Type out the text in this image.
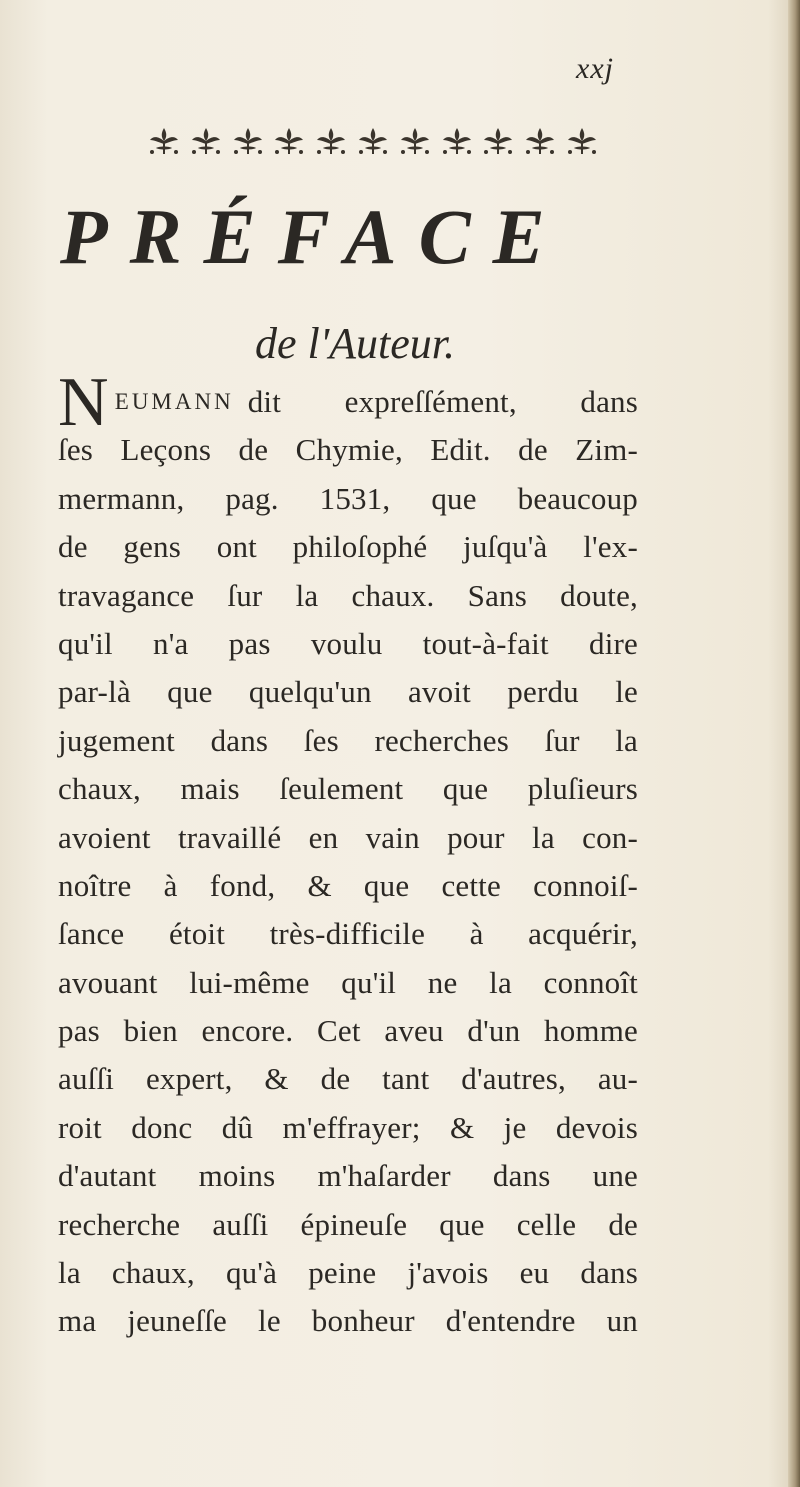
xxj
PRÉFACE
de l'Auteur.
N EUMANN dit expreſſément, dans
ſes Leçons de Chymie, Edit. de Zim-
mermann, pag. 1531, que beaucoup
de gens ont philoſophé juſqu'à l'ex-
travagance ſur la chaux. Sans doute,
qu'il n'a pas voulu tout-à-fait dire
par-là que quelqu'un avoit perdu le
jugement dans ſes recherches ſur la
chaux, mais ſeulement que pluſieurs
avoient travaillé en vain pour la con-
noître à fond, & que cette connoiſ-
ſance étoit très-difficile à acquérir,
avouant lui-même qu'il ne la connoît
pas bien encore. Cet aveu d'un homme
auſſi expert, & de tant d'autres, au-
roit donc dû m'effrayer; & je devois
d'autant moins m'haſarder dans une
recherche auſſi épineuſe que celle de
la chaux, qu'à peine j'avois eu dans
ma jeuneſſe le bonheur d'entendre un
